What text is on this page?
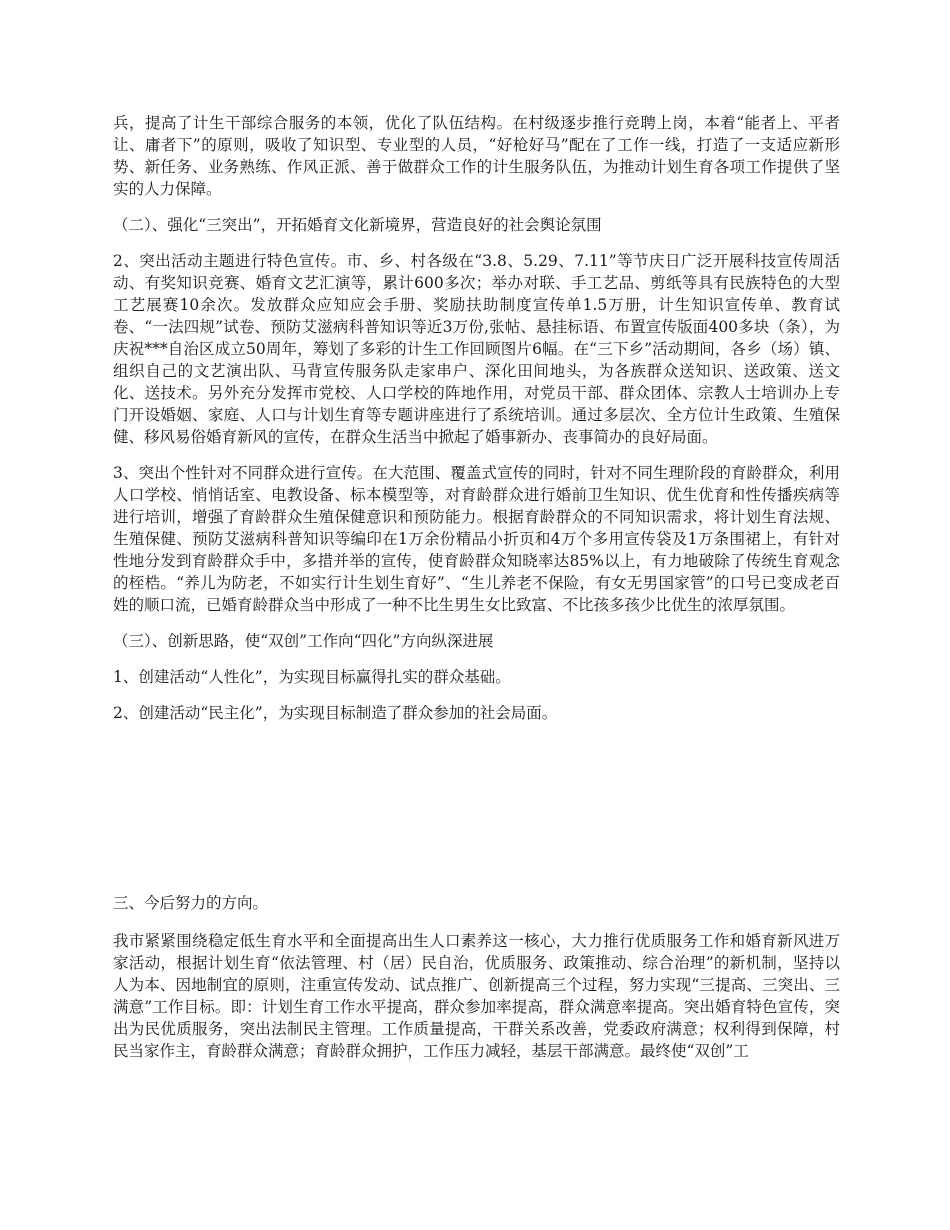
兵，提高了计生干部综合服务的本领，优化了队伍结构。在村级逐步推行竞聘上岗，本着“能者上、平者让、庸者下”的原则，吸收了知识型、专业型的人员，“好枪好马”配在了工作一线，打造了一支适应新形势、新任务、业务熟练、作风正派、善于做群众工作的计生服务队伍，为推动计划生育各项工作提供了坚实的人力保障。

（二）、强化“三突出”，开拓婚育文化新境界，营造良好的社会舆论氛围

2、突出活动主题进行特色宣传。市、乡、村各级在“3.8、5.29、7.11”等节庆日广泛开展科技宣传周活动、有奖知识竞赛、婚育文艺汇演等，累计600多次；举办对联、手工艺品、剪纸等具有民族特色的大型工艺展赛10余次。发放群众应知应会手册、奖励扶助制度宣传单1.5万册，计生知识宣传单、教育试卷、“一法四规”试卷、预防艾滋病科普知识等近3万份,张帖、悬挂标语、布置宣传版面400多块（条），为庆祝***自治区成立50周年，筹划了多彩的计生工作回顾图片6幅。在“三下乡”活动期间，各乡（场）镇、组织自己的文艺演出队、马背宣传服务队走家串户、深化田间地头，为各族群众送知识、送政策、送文化、送技术。另外充分发挥市党校、人口学校的阵地作用，对党员干部、群众团体、宗教人士培训办上专门开设婚姻、家庭、人口与计划生育等专题讲座进行了系统培训。通过多层次、全方位计生政策、生殖保健、移风易俗婚育新风的宣传，在群众生活当中掀起了婚事新办、丧事简办的良好局面。

3、突出个性针对不同群众进行宣传。在大范围、覆盖式宣传的同时，针对不同生理阶段的育龄群众，利用人口学校、悄悄话室、电教设备、标本模型等，对育龄群众进行婚前卫生知识、优生优育和性传播疾病等进行培训，增强了育龄群众生殖保健意识和预防能力。根据育龄群众的不同知识需求，将计划生育法规、生殖保健、预防艾滋病科普知识等编印在1万余份精品小折页和4万个多用宣传袋及1万条围裙上，有针对性地分发到育龄群众手中，多措并举的宣传，使育龄群众知晓率达85%以上，有力地破除了传统生育观念的桎梏。“养儿为防老，不如实行计生划生育好”、“生儿养老不保险，有女无男国家管”的口号已变成老百姓的顺口流，已婚育龄群众当中形成了一种不比生男生女比致富、不比孩多孩少比优生的浓厚氛围。

（三）、创新思路，使“双创”工作向“四化”方向纵深进展

1、创建活动“人性化”，为实现目标赢得扎实的群众基础。

2、创建活动“民主化”，为实现目标制造了群众参加的社会局面。

三、今后努力的方向。

我市紧紧围绕稳定低生育水平和全面提高出生人口素养这一核心，大力推行优质服务工作和婚育新风进万家活动，根据计划生育“依法管理、村（居）民自治，优质服务、政策推动、综合治理”的新机制，坚持以人为本、因地制宜的原则，注重宣传发动、试点推广、创新提高三个过程，努力实现“三提高、三突出、三满意”工作目标。即：计划生育工作水平提高，群众参加率提高，群众满意率提高。突出婚育特色宣传，突出为民优质服务，突出法制民主管理。工作质量提高，干群关系改善，党委政府满意；权利得到保障，村民当家作主，育龄群众满意；育龄群众拥护，工作压力减轻，基层干部满意。最终使“双创”工
